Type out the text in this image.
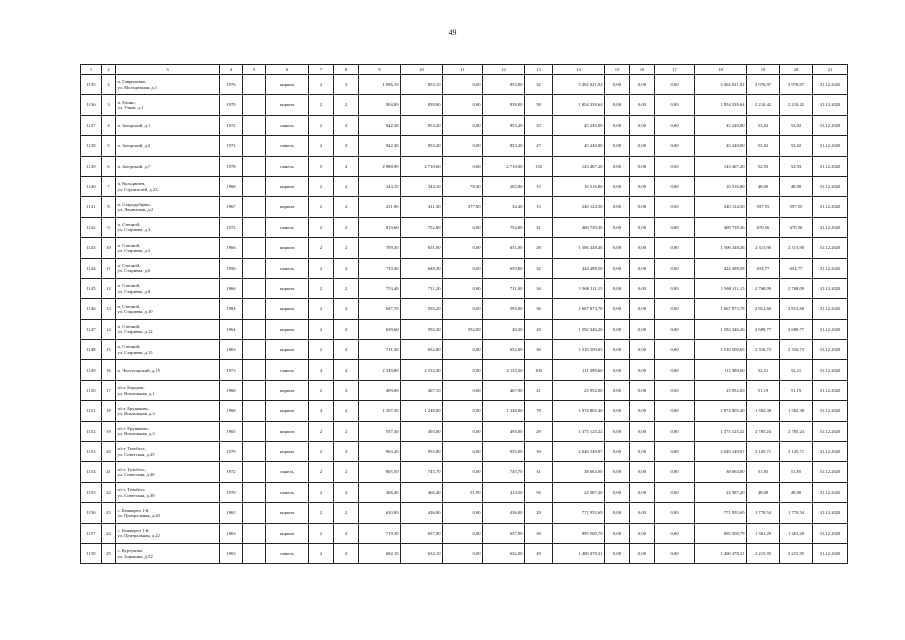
49
1	2	3	4	5	6	7	8	9	10	11	12	13	14	15	16	17	18	19	20	21
1135	2	п. Гавриловка,
ул. Молодежная, д.1	1976		кирпич	2	3	1 096,10	853,10	0,00	853,00	32	3 402 021,92	0,00	0,00	0,00	3 402 021,92	3 976,97	3 976,97	31.12.2020
1136	3	п. Елино,
ул. Узкая, д.1	1970		кирпич	2	2	904,00	839,00	0,00	839,00	58	1 854 339,64	0,00	0,00	0,00	1 854 339,64	2 210,42	2 210,42	31.12.2020
1137	4	п. Загорский, д.1	1972		панель	2	3	942,30	853,20	0,00	853,20	33	45 240,00	0,00	0,00	0,00	45 240,00	53,02	53,02	31.12.2020
1138	5	п. Загорский, д.2	1972		панель	2	3	942,30	853,20	0,00	853,20	47	45 240,00	0,00	0,00	0,00	45 240,00	53,02	53,02	31.12.2020
1139	6	п. Загорский, д.7	1978		панель	5	4	2 988,90	2 710,60	0,00	2 710,00	135	143 467,20	0,00	0,00	0,00	143 467,20	52,93	52,93	31.12.2020
1140	7	п. Кульдишев,
ул. Строителей, д.23	1968		кирпич	2	2	344,10	344,10	78,30	265,80	15	16 516,80	0,00	0,00	0,00	16 516,80	48,00	48,00	31.12.2020
1141	8	п. Стародубцево,
ул. Ленинская, д.2	1967		кирпич	2	2	411,90	411,30	377,90	34,40	15	240 124,50	0,00	0,00	0,00	240 124,50	597,55	597,55	31.12.2020
1142	9	п. Степной,
ул. Стариева, д.3	1972		панель	2	2	819,60	752,80	0,00	752,80	31	469 739,36	0,00	0,00	0,00	469 739,36	670,56	670,56	31.12.2020
1143	10	п. Степной,
ул. Стариева, д.5	1966		кирпич	2	2	709,30	651,00	0,00	651,00	28	1 506 348,46	0,00	0,00	0,00	1 506 348,46	2 313,90	2 313,90	31.12.2020
1144	11	п. Степной,
ул. Стариева, д.6	1956		панель	2	2	710,40	648,30	0,00	650,80	32	424 488,58	0,00	0,00	0,00	424 488,58	654,77	654,77	31.12.2020
1145	12	п. Степной,
ул. Стариева, д.8	1966		кирпич	2	2	753,40	711,20	0,00	711,00	34	1 968 111,15	0,00	0,00	0,00	1 968 111,15	2 768,09	2 768,09	31.12.2020
1146	13	п. Степной,
ул. Стариева, д.10	1984		кирпич	2	2	647,70	593,20	0,00	593,00	36	1 667 873,78	0,00	0,00	0,00	1 667 873,78	2 812,60	2 812,60	31.12.2020
1147	14	п. Степной,
ул. Стариева, д.12	1964		кирпич	2	2	639,60	592,30	552,00	40,30	28	1 592 346,26	0,00	0,00	0,00	1 592 346,26	2 689,77	2 689,77	31.12.2020
1148	15	п. Степной,
ул. Стариева, д.13	1963		кирпич	2	2	711,30	652,80	0,00	652,00	30	1 510 509,65	0,00	0,00	0,00	1 510 509,65	2 316,73	2 316,73	31.12.2020
1149	16	п. Чистогорский, д.15	1973		панель	4	4	2 349,80	2 133,30	0,00	2 133,30	100	111 389,60	0,00	0,00	0,00	111 389,60	52,21	52,21	31.12.2020
1150	17	п/ст. Бердюш,
ул. Вокзальная, д.1	1968		кирпич	2	3	499,06	467,10	0,00	467,90	21	23 952,00	0,00	0,00	0,00	23 952,00	51,19	51,19	31.12.2020
1151	18	п/ст. Ерунаково,
ул. Вокзальная, д.3	1968		кирпич	4	2	1 357,30	1 248,00	0,00	1 248,00	78	1 974 805,40	0,00	0,00	0,00	1 974 805,40	1 582,38	1 582,38	31.12.2020
1152	19	п/ст. Ерунаково,
ул. Вокзальная, д.3	1965		кирпич	2	2	557,30	493,00	0,00	493,00	29	1 373 125,22	0,00	0,00	0,00	1 373 125,22	2 785,24	2 785,24	31.12.2020
1153	20	п/ст. Тельбесс,
ул. Советская, д.35	1979		кирпич	2	3	963,20	955,00	0,00	955,00	39	2 049 149,97	0,00	0,00	0,00	2 049 149,97	2 145,71	2 145,71	31.12.2020
1154	21	п/ст. Тельбесс,
ул. Советская, д.36	1972		панель	2	2	805,50	745,70	0,00	745,70	31	38 664,00	0,00	0,00	0,00	38 664,00	51,85	51,85	31.12.2020
1155	22	п/ст. Тельбесс,
ул. Советская, д.38	1970		панель	2	2	466,40	466,40	51,90	414,50	56	22 387,20	0,00	0,00	0,00	22 387,20	48,00	48,00	31.12.2020
1156	23	с. Бенжереп 1-й,
ул. Центральная, д.20	1965		кирпич	2	2	620,00	436,00	0,00	436,00	29	771 955,69	0,00	0,00	0,00	771 955,69	1 770,54	1 770,54	31.12.2020
1157	24	с. Бенжереп 1-й,
ул. Центральная, д.22	1963		кирпич	2	2	719,30	657,90	0,00	657,90	39	895 500,79	0,00	0,00	0,00	895 500,79	1 361,29	1 361,29	31.12.2020
1158	25	с. Куртуково,
ул. Зорькина, д.52	1963		панель	2	2	682,10	632,10	0,00	632,00	29	1 400 478,31	0,00	0,00	0,00	1 400 478,31	2 215,95	2 215,95	31.12.2020
